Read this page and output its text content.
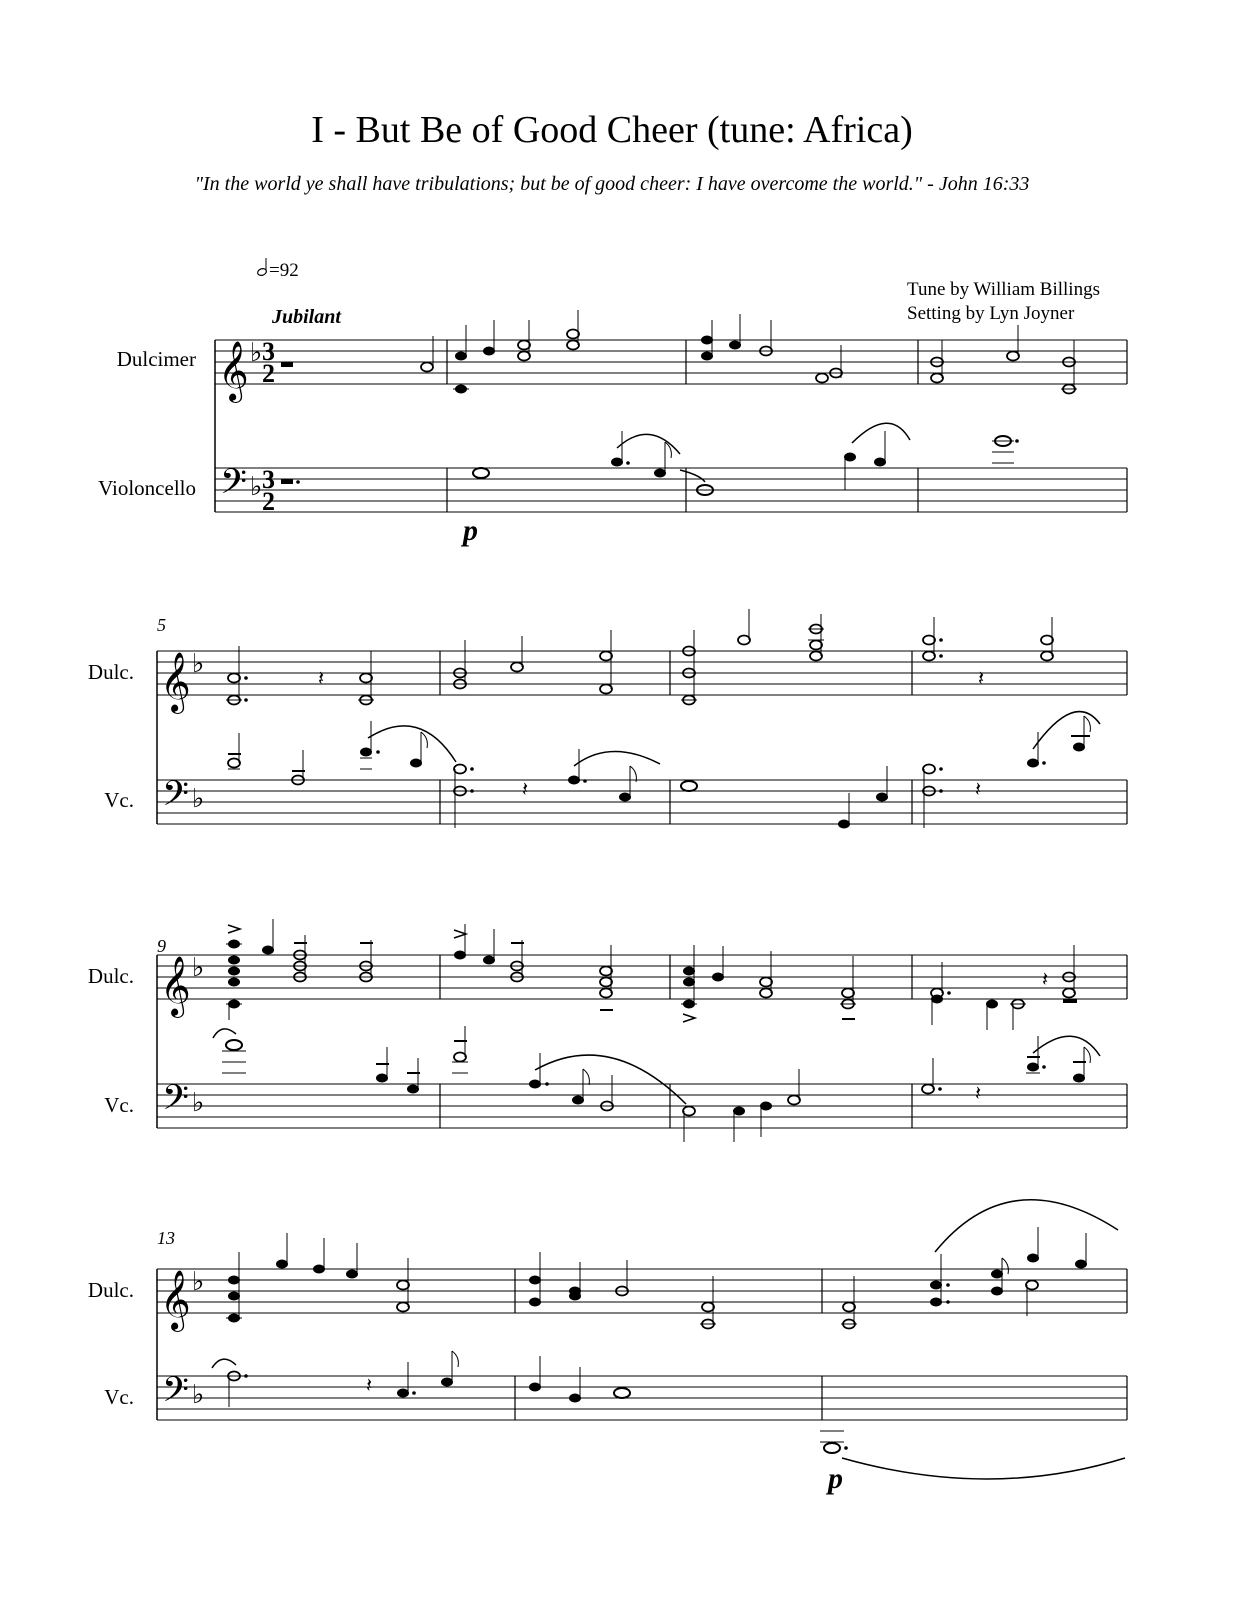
I - But Be of Good Cheer (tune: Africa)
"In the world ye shall have tribulations; but be of good cheer: I have overcome the world." - John 16:33
=92
Tune by William Billings
Setting by Lyn Joyner
Jubilant
Dulcimer
Violoncello
𝄞
𝄢
♭
♭
3
2
3
2
p
5
Dulc.
Vc.
𝄞
𝄢
♭
♭
𝄽	𝄽
𝄽	𝄽
9
Dulc.
Vc.
𝄞
𝄢
♭
♭
𝄽
𝄽
13
Dulc.
Vc.
𝄞
𝄢
♭
♭	𝄽
p
